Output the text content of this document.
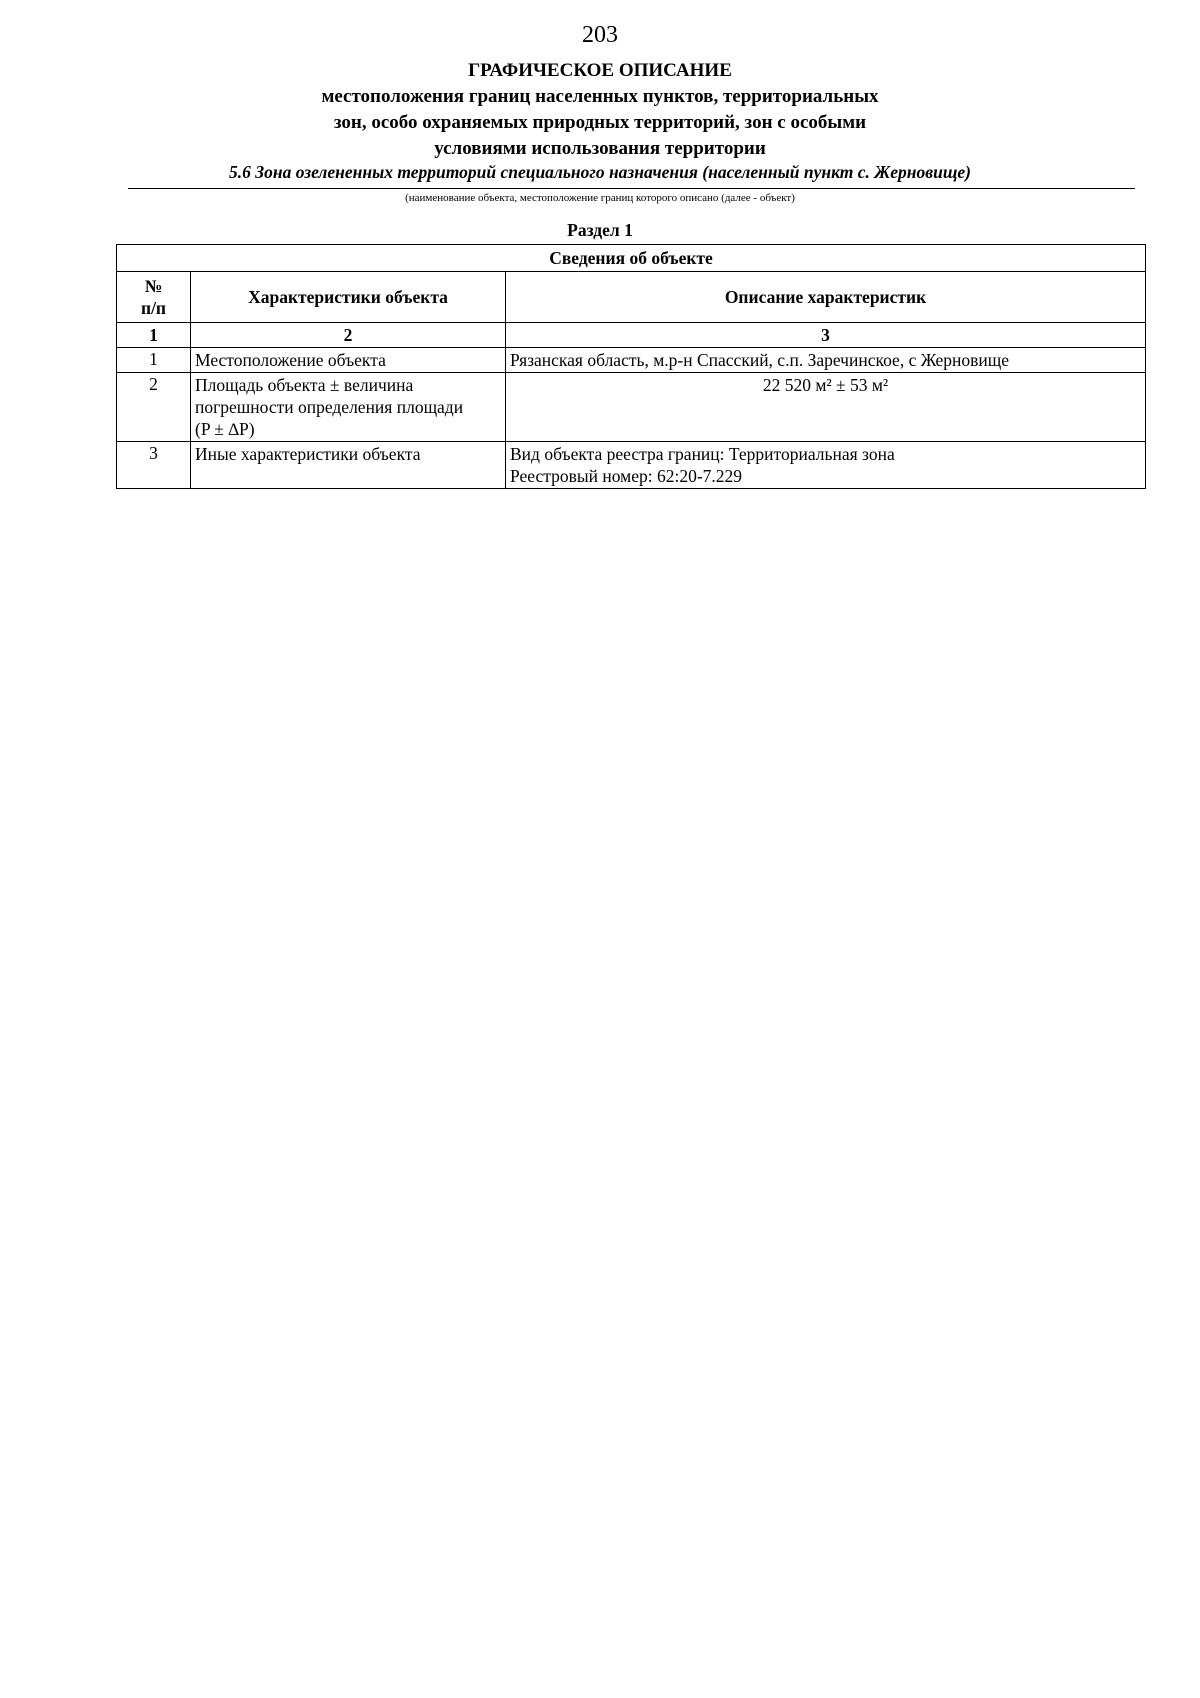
203
ГРАФИЧЕСКОЕ ОПИСАНИЕ
местоположения границ населенных пунктов, территориальных
зон, особо охраняемых природных территорий, зон с особыми
условиями использования территории
5.6 Зона озелененных территорий специального назначения (населенный пункт с. Жерновище)
(наименование объекта, местоположение границ которого описано (далее - объект)
Раздел 1
Сведения об объекте		

№
п/п	Характеристики объекта	Описание характеристик
1	2	3
1	Местоположение объекта	Рязанская область, м.р-н Спасский, с.п. Заречинское, с Жерновище

2	Площадь объекта ± величина
погрешности определения площади
(P ± ∆P)	22 520 м² ± 53 м²

3	Иные характеристики объекта	Вид объекта реестра границ: Территориальная зона
Реестровый номер: 62:20-7.229
